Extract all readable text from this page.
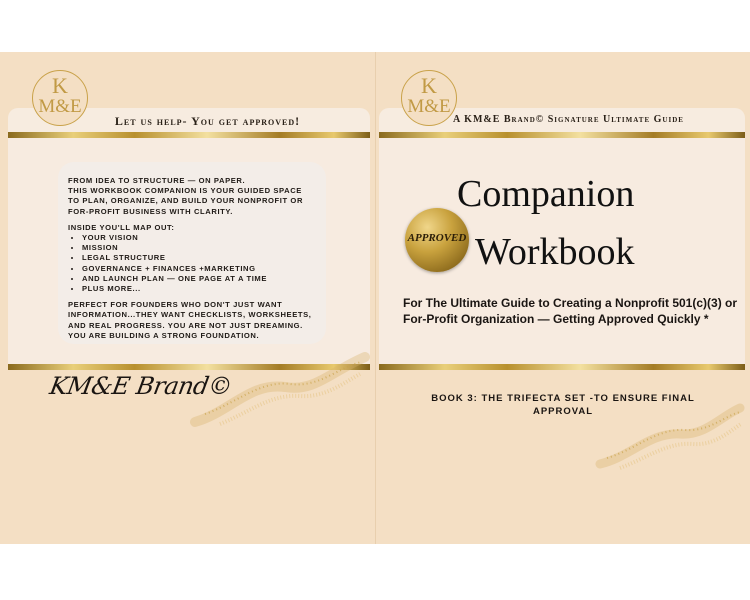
Let us help- You get approved!
K
M&E

FROM IDEA TO STRUCTURE — ON PAPER.
THIS WORKBOOK COMPANION IS YOUR GUIDED SPACE TO PLAN, ORGANIZE, AND BUILD YOUR NONPROFIT OR FOR-PROFIT BUSINESS WITH CLARITY.

INSIDE YOU'LL MAP OUT:

• YOUR VISION
• MISSION
• LEGAL STRUCTURE
• GOVERNANCE + FINANCES +MARKETING
• AND LAUNCH PLAN — ONE PAGE AT A TIME
• PLUS MORE...

PERFECT FOR FOUNDERS WHO DON'T JUST WANT INFORMATION...THEY WANT CHECKLISTS, WORKSHEETS, AND REAL PROGRESS. YOU ARE NOT JUST DREAMING. YOU ARE BUILDING A STRONG FOUNDATION.

KM&E Brand©
A KM&E Brand© Signature Ultimate Guide
K
M&E
Companion
Workbook
APPROVED
For The Ultimate Guide to Creating a Nonprofit 501(c)(3) or For-Profit Organization — Getting Approved Quickly *
BOOK 3: THE TRIFECTA SET -TO ENSURE FINAL APPROVAL
